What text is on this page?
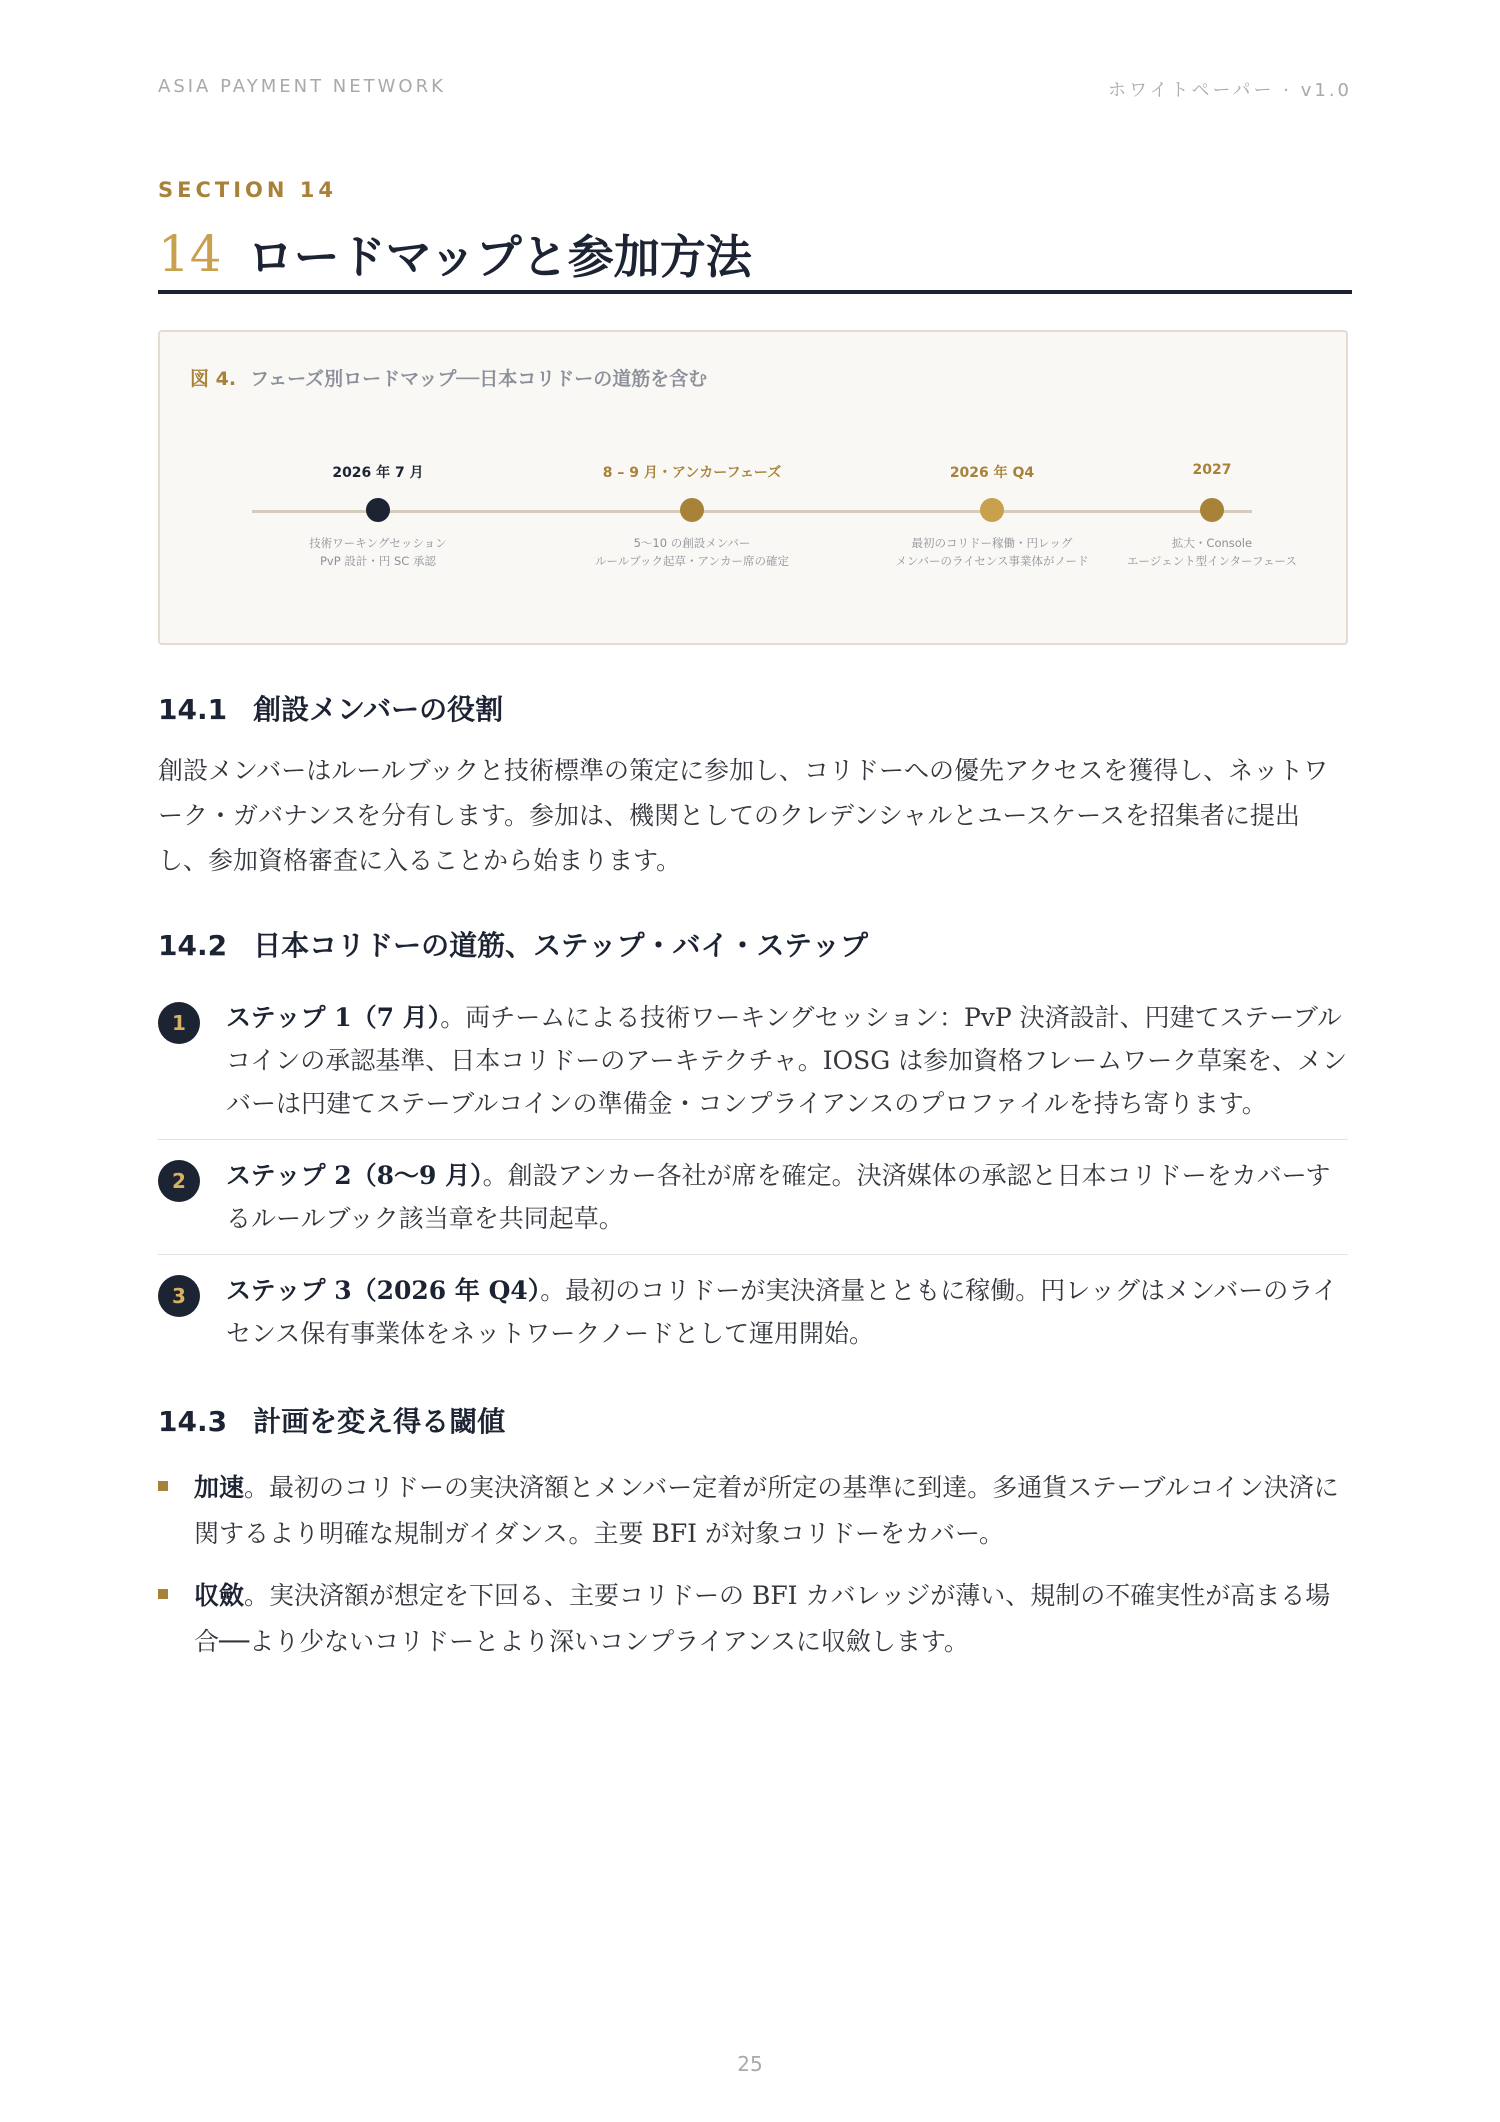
ASIA PAYMENT NETWORK	ホワイトペーパー · v1.0
SECTION 14
14 ロードマップと参加方法
図 4. フェーズ別ロードマップ──日本コリドーの道筋を含む
2026 年 7 月
技術ワーキングセッション
PvP 設計・円 SC 承認
8 – 9 月・アンカーフェーズ
5〜10 の創設メンバー
ルールブック起草・アンカー席の確定
2026 年 Q4
最初のコリドー稼働・円レッグ
メンバーのライセンス事業体がノード
2027
拡大・Console
エージェント型インターフェース
14.1 創設メンバーの役割
創設メンバーはルールブックと技術標準の策定に参加し、コリドーへの優先アクセスを獲得し、ネットワーク・ガバナンスを分有します。参加は、機関としてのクレデンシャルとユースケースを招集者に提出し、参加資格審査に入ることから始まります。
14.2 日本コリドーの道筋、ステップ・バイ・ステップ
1	ステップ 1（7 月）。両チームによる技術ワーキングセッション：PvP 決済設計、円建てステーブルコインの承認基準、日本コリドーのアーキテクチャ。IOSG は参加資格フレームワーク草案を、メンバーは円建てステーブルコインの準備金・コンプライアンスのプロファイルを持ち寄ります。
2	ステップ 2（8〜9 月）。創設アンカー各社が席を確定。決済媒体の承認と日本コリドーをカバーするルールブック該当章を共同起草。
3	ステップ 3（2026 年 Q4）。最初のコリドーが実決済量とともに稼働。円レッグはメンバーのライセンス保有事業体をネットワークノードとして運用開始。
14.3 計画を変え得る閾値
加速。最初のコリドーの実決済額とメンバー定着が所定の基準に到達。多通貨ステーブルコイン決済に関するより明確な規制ガイダンス。主要 BFI が対象コリドーをカバー。
収斂。実決済額が想定を下回る、主要コリドーの BFI カバレッジが薄い、規制の不確実性が高まる場合──より少ないコリドーとより深いコンプライアンスに収斂します。
25
